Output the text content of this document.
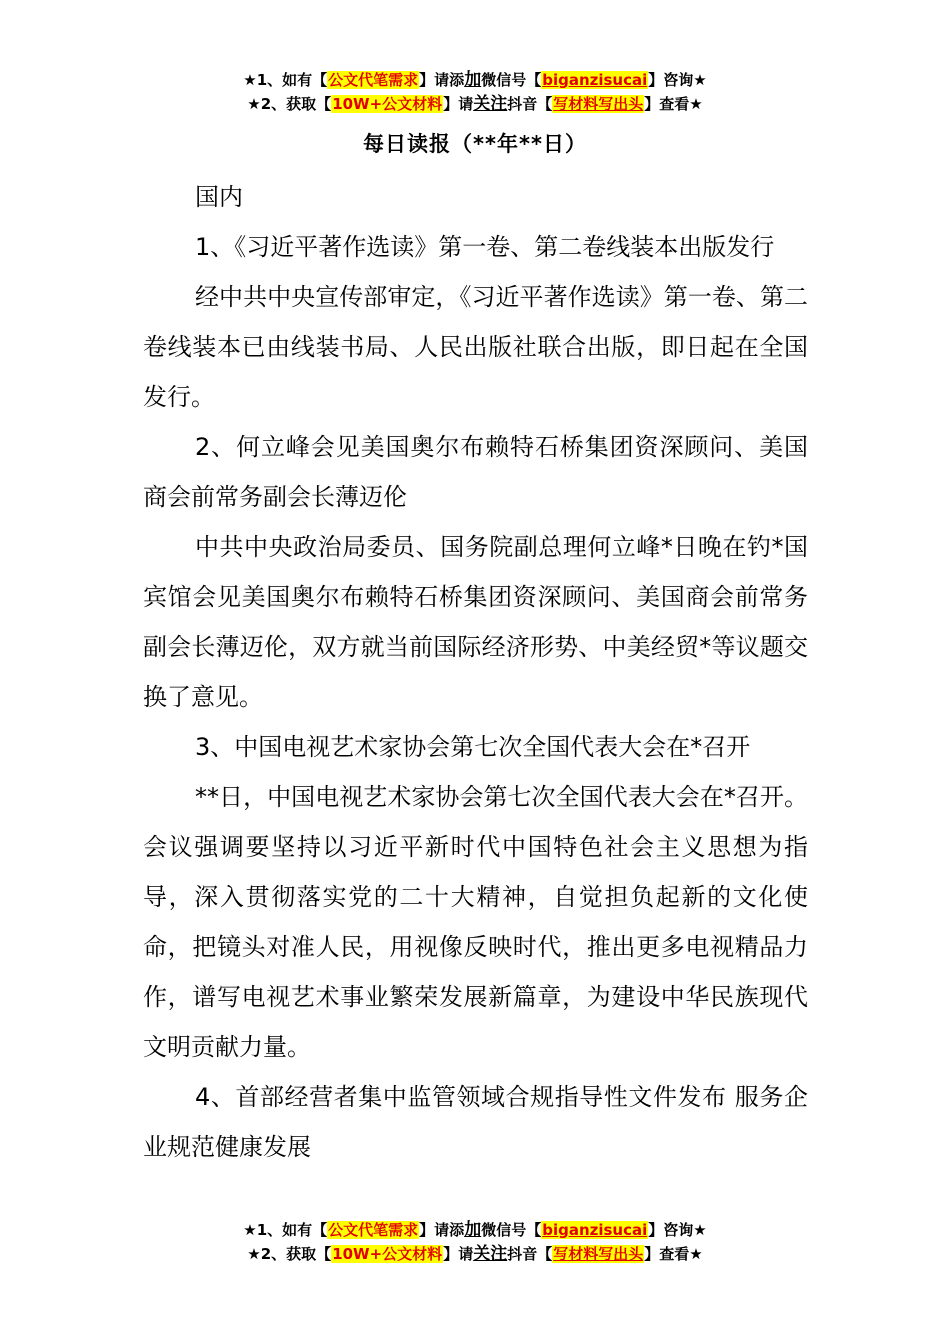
★1、如有【公文代笔需求】请添加微信号【biganzisucai】咨询★
★2、获取【10W+公文材料】请关注抖音【写材料写出头】查看★
每日读报（**年**日）

国内

1、《习近平著作选读》第一卷、第二卷线装本出版发行

经中共中央宣传部审定，《习近平著作选读》第一卷、第二卷线装本已由线装书局、人民出版社联合出版，即日起在全国发行。

2、何立峰会见美国奥尔布赖特石桥集团资深顾问、美国商会前常务副会长薄迈伦

中共中央政治局委员、国务院副总理何立峰*日晚在钓*国宾馆会见美国奥尔布赖特石桥集团资深顾问、美国商会前常务副会长薄迈伦，双方就当前国际经济形势、中美经贸*等议题交换了意见。

3、中国电视艺术家协会第七次全国代表大会在*召开

**日，中国电视艺术家协会第七次全国代表大会在*召开。会议强调要坚持以习近平新时代中国特色社会主义思想为指导，深入贯彻落实党的二十大精神，自觉担负起新的文化使命，把镜头对准人民，用视像反映时代，推出更多电视精品力作，谱写电视艺术事业繁荣发展新篇章，为建设中华民族现代文明贡献力量。

4、首部经营者集中监管领域合规指导性文件发布 服务企业规范健康发展

★1、如有【公文代笔需求】请添加微信号【biganzisucai】咨询★
★2、获取【10W+公文材料】请关注抖音【写材料写出头】查看★
